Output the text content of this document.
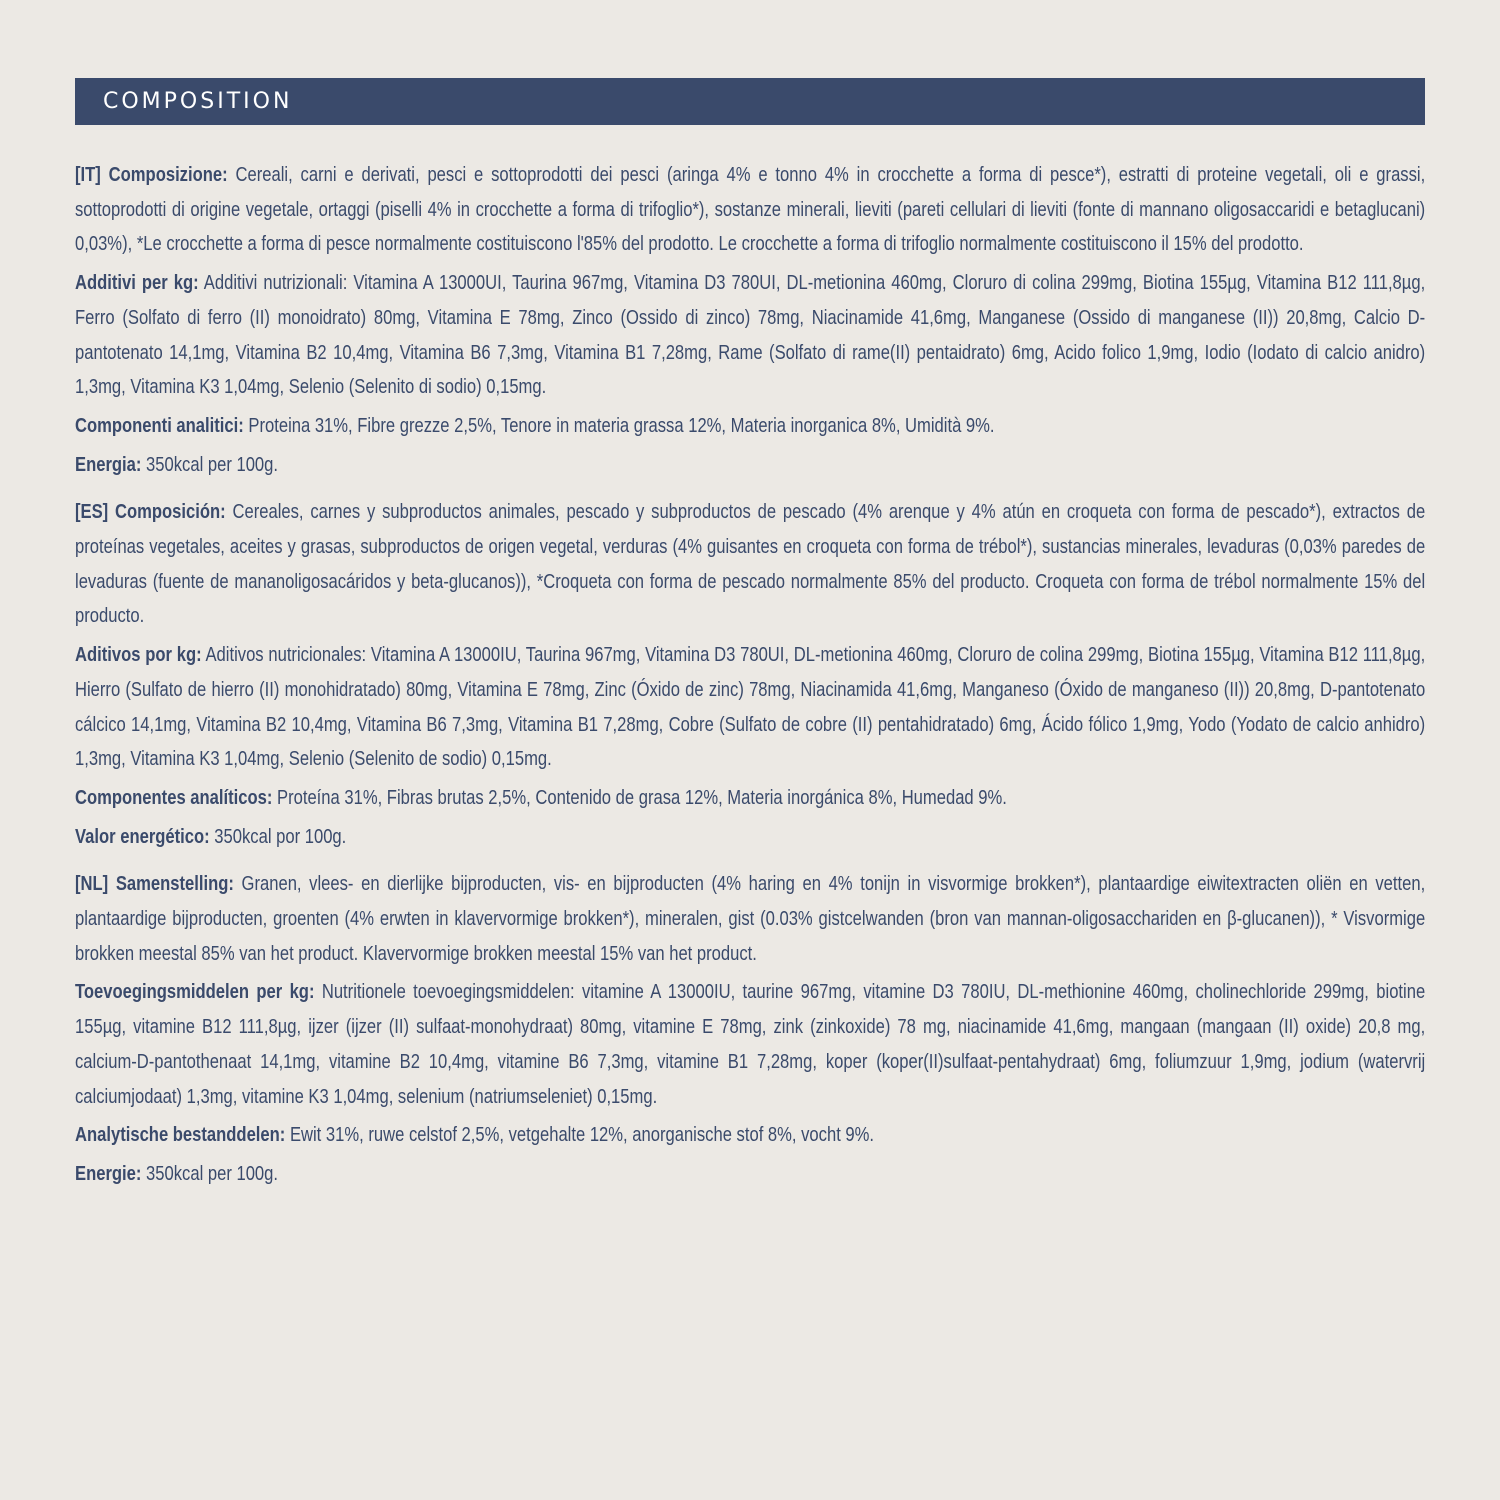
COMPOSITION

[IT] Composizione: Cereali, carni e derivati, pesci e sottoprodotti dei pesci (aringa 4% e tonno 4% in crocchette a forma di pesce*), estratti di proteine vegetali, oli e grassi, sottoprodotti di origine vegetale, ortaggi (piselli 4% in crocchette a forma di trifoglio*), sostanze minerali, lieviti (pareti cellulari di lieviti (fonte di mannano oligosaccaridi e betaglucani) 0,03%), *Le crocchette a forma di pesce normalmente costituiscono l'85% del prodotto. Le crocchette a forma di trifoglio normalmente costituiscono il 15% del prodotto.

Additivi per kg: Additivi nutrizionali: Vitamina A 13000UI, Taurina 967mg, Vitamina D3 780UI, DL-metionina 460mg, Cloruro di colina 299mg, Biotina 155µg, Vitamina B12 111,8µg, Ferro (Solfato di ferro (II) monoidrato) 80mg, Vitamina E 78mg, Zinco (Ossido di zinco) 78mg, Niacinamide 41,6mg, Manganese (Ossido di manganese (II)) 20,8mg, Calcio D-pantotenato 14,1mg, Vitamina B2 10,4mg, Vitamina B6 7,3mg, Vitamina B1 7,28mg, Rame (Solfato di rame(II) pentaidrato) 6mg, Acido folico 1,9mg, Iodio (Iodato di calcio anidro) 1,3mg, Vitamina K3 1,04mg, Selenio (Selenito di sodio) 0,15mg.

Componenti analitici: Proteina 31%, Fibre grezze 2,5%, Tenore in materia grassa 12%, Materia inorganica 8%, Umidità 9%.

Energia: 350kcal per 100g.

[ES] Composición: Cereales, carnes y subproductos animales, pescado y subproductos de pescado (4% arenque y 4% atún en croqueta con forma de pescado*), extractos de proteínas vegetales, aceites y grasas, subproductos de origen vegetal, verduras (4% guisantes en croqueta con forma de trébol*), sustancias minerales, levaduras (0,03% paredes de levaduras (fuente de mananoligosacáridos y beta-glucanos)), *Croqueta con forma de pescado normalmente 85% del producto. Croqueta con forma de trébol normalmente 15% del producto.

Aditivos por kg: Aditivos nutricionales: Vitamina A 13000IU, Taurina 967mg, Vitamina D3 780UI, DL-metionina 460mg, Cloruro de colina 299mg, Biotina 155µg, Vitamina B12 111,8µg, Hierro (Sulfato de hierro (II) monohidratado) 80mg, Vitamina E 78mg, Zinc (Óxido de zinc) 78mg, Niacinamida 41,6mg, Manganeso (Óxido de manganeso (II)) 20,8mg, D-pantotenato cálcico 14,1mg, Vitamina B2 10,4mg, Vitamina B6 7,3mg, Vitamina B1 7,28mg, Cobre (Sulfato de cobre (II) pentahidratado) 6mg, Ácido fólico 1,9mg, Yodo (Yodato de calcio anhidro) 1,3mg, Vitamina K3 1,04mg, Selenio (Selenito de sodio) 0,15mg.

Componentes analíticos: Proteína 31%, Fibras brutas 2,5%, Contenido de grasa 12%, Materia inorgánica 8%, Humedad 9%.

Valor energético: 350kcal por 100g.

[NL] Samenstelling: Granen, vlees- en dierlijke bijproducten, vis- en bijproducten (4% haring en 4% tonijn in visvormige brokken*), plantaardige eiwitextracten oliën en vetten, plantaardige bijproducten, groenten (4% erwten in klavervormige brokken*), mineralen, gist (0.03% gistcelwanden (bron van mannan-oligosacchariden en β-glucanen)), * Visvormige brokken meestal 85% van het product. Klavervormige brokken meestal 15% van het product.

Toevoegingsmiddelen per kg: Nutritionele toevoegingsmiddelen: vitamine A 13000IU, taurine 967mg, vitamine D3 780IU, DL-methionine 460mg, cholinechloride 299mg, biotine 155µg, vitamine B12 111,8µg, ijzer (ijzer (II) sulfaat-monohydraat) 80mg, vitamine E 78mg, zink (zinkoxide) 78 mg, niacinamide 41,6mg, mangaan (mangaan (II) oxide) 20,8 mg, calcium-D-pantothenaat 14,1mg, vitamine B2 10,4mg, vitamine B6 7,3mg, vitamine B1 7,28mg, koper (koper(II)sulfaat-pentahydraat) 6mg, foliumzuur 1,9mg, jodium (watervrij calciumjodaat) 1,3mg, vitamine K3 1,04mg, selenium (natriumseleniet) 0,15mg.

Analytische bestanddelen: Ewit 31%, ruwe celstof 2,5%, vetgehalte 12%, anorganische stof 8%, vocht 9%.

Energie: 350kcal per 100g.
